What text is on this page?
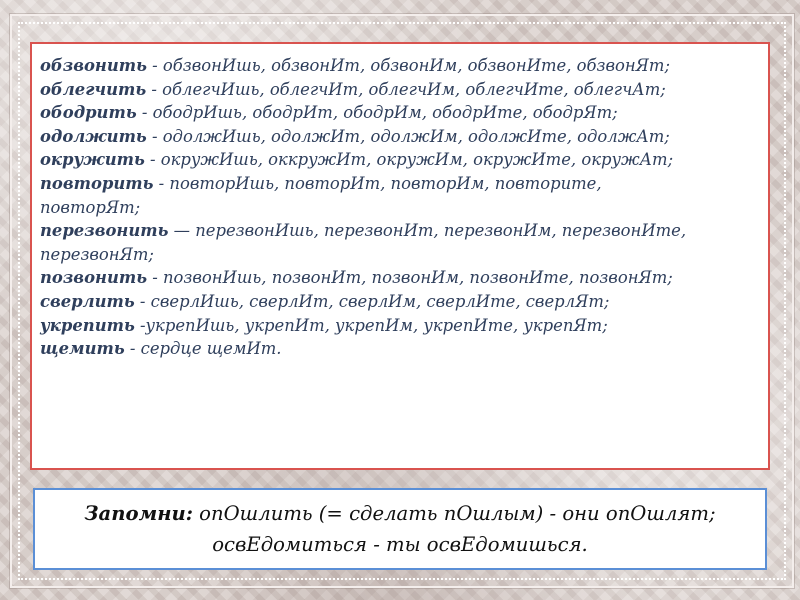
обзвонить - обзвонИшь, обзвонИт, обзвонИм, обзвонИте, обзвонЯт;
облегчить - облегчИшь, облегчИт, облегчИм, облегчИте, облегчАт;
ободрить - ободрИшь, ободрИт, ободрИм, ободрИте, ободрЯт;
одолжить - одолжИшь, одолжИт, одолжИм, одолжИте, одолжАт;
окружить - окружИшь, оккружИт, окружИм, окружИте, окружАт;
повторить - повторИшь, повторИт, повторИм, повторите, повторЯт;
перезвонить — перезвонИшь, перезвонИт, перезвонИм, перезвонИте, перезвонЯт;
позвонить - позвонИшь, позвонИт, позвонИм, позвонИте, позвонЯт;
сверлить - сверлИшь, сверлИт, сверлИм, сверлИте, сверлЯт;
укрепить -укрепИшь, укрепИт, укрепИм, укрепИте, укрепЯт;
щемить - сердце щемИт.
Запомни: опОшлить (= сделать пОшлым) - они опОшлят;
освЕдомиться - ты освЕдомишься.
